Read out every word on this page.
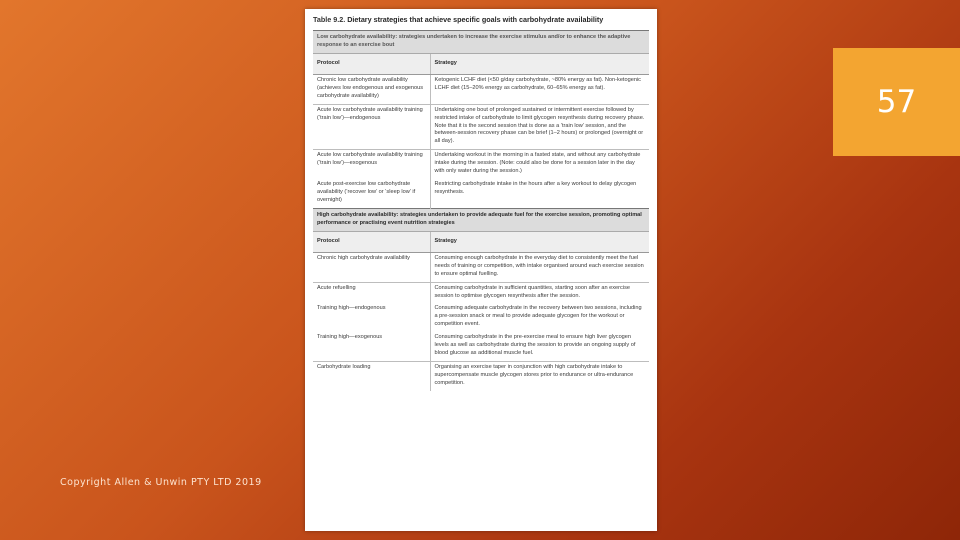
Table 9.2. Dietary strategies that achieve specific goals with carbohydrate availability
Low carbohydrate availability: strategies undertaken to increase the exercise stimulus and/or to enhance the adaptive response to an exercise bout	
Protocol	Strategy
Chronic low carbohydrate availability (achieves low endogenous and exogenous carbohydrate availability)	Ketogenic LCHF diet (<50 g/day carbohydrate, ~80% energy as fat). Non-ketogenic LCHF diet (15–20% energy as carbohydrate, 60–65% energy as fat).
Acute low carbohydrate availability training (‘train low’)—endogenous	Undertaking one bout of prolonged sustained or intermittent exercise followed by restricted intake of carbohydrate to limit glycogen resynthesis during recovery phase. Note that it is the second session that is done as a ‘train low’ session, and the between-session recovery phase can be brief (1–2 hours) or prolonged (overnight or all day).
Acute low carbohydrate availability training (‘train low’)—exogenous	Undertaking workout in the morning in a fasted state, and without any carbohydrate intake during the session. (Note: could also be done for a session later in the day with only water during the session.)
Acute post-exercise low carbohydrate availability (‘recover low’ or ‘sleep low’ if overnight)	Restricting carbohydrate intake in the hours after a key workout to delay glycogen resynthesis.
High carbohydrate availability: strategies undertaken to provide adequate fuel for the exercise session, promoting optimal performance or practising event nutrition strategies	
Protocol	Strategy
Chronic high carbohydrate availability	Consuming enough carbohydrate in the everyday diet to consistently meet the fuel needs of training or competition, with intake organised around each exercise session to ensure optimal fuelling.
Acute refuelling	Consuming carbohydrate in sufficient quantities, starting soon after an exercise session to optimise glycogen resynthesis after the session.
Training high—endogenous	Consuming adequate carbohydrate in the recovery between two sessions, including a pre-session snack or meal to provide adequate glycogen for the workout or competition event.
Training high—exogenous	Consuming carbohydrate in the pre-exercise meal to ensure high liver glycogen levels as well as carbohydrate during the session to provide an ongoing supply of blood glucose as additional muscle fuel.
Carbohydrate loading	Organising an exercise taper in conjunction with high carbohydrate intake to supercompensate muscle glycogen stores prior to endurance or ultra-endurance competition.
57
Copyright Allen & Unwin PTY LTD 2019
